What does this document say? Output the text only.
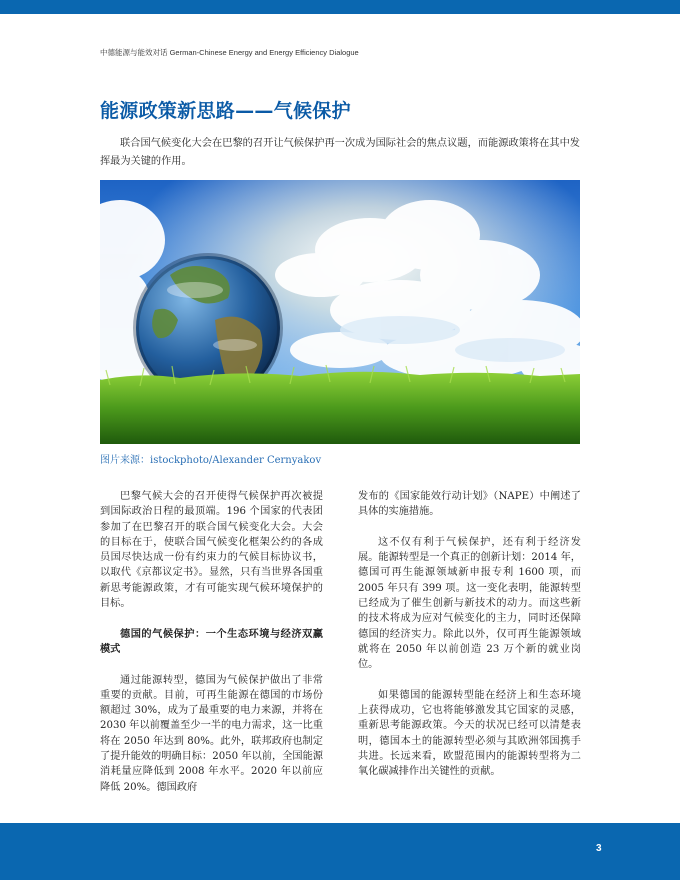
中德能源与能效对话 German-Chinese Energy and Energy Efficiency Dialogue
能源政策新思路——气候保护

联合国气候变化大会在巴黎的召开让气候保护再一次成为国际社会的焦点议题，而能源政策将在其中发挥最为关键的作用。

图片来源：istockphoto/Alexander Cernyakov

巴黎气候大会的召开使得气候保护再次被提到国际政治日程的最顶端。196 个国家的代表团参加了在巴黎召开的联合国气候变化大会。大会的目标在于，使联合国气候变化框架公约的各成员国尽快达成一份有约束力的气候目标协议书，以取代《京都议定书》。显然，只有当世界各国重新思考能源政策，才有可能实现气候环境保护的目标。

德国的气候保护：一个生态环境与经济双赢模式

通过能源转型，德国为气候保护做出了非常重要的贡献。目前，可再生能源在德国的市场份额超过 30%，成为了最重要的电力来源，并将在 2030 年以前覆盖至少一半的电力需求，这一比重将在 2050 年达到 80%。此外，联邦政府也制定了提升能效的明确目标：2050 年以前，全国能源消耗量应降低到 2008 年水平。2020 年以前应降低 20%。德国政府

发布的《国家能效行动计划》（NAPE）中阐述了具体的实施措施。

这不仅有利于气候保护，还有利于经济发展。能源转型是一个真正的创新计划：2014 年，德国可再生能源领域新申报专利 1600 项，而 2005 年只有 399 项。这一变化表明，能源转型已经成为了催生创新与新技术的动力。而这些新的技术将成为应对气候变化的主力，同时还保障德国的经济实力。除此以外，仅可再生能源领域就将在 2050 年以前创造 23 万个新的就业岗位。

如果德国的能源转型能在经济上和生态环境上获得成功，它也将能够激发其它国家的灵感，重新思考能源政策。今天的状况已经可以清楚表明，德国本土的能源转型必须与其欧洲邻国携手共进。长远来看，欧盟范围内的能源转型将为二氧化碳减排作出关键性的贡献。

3
